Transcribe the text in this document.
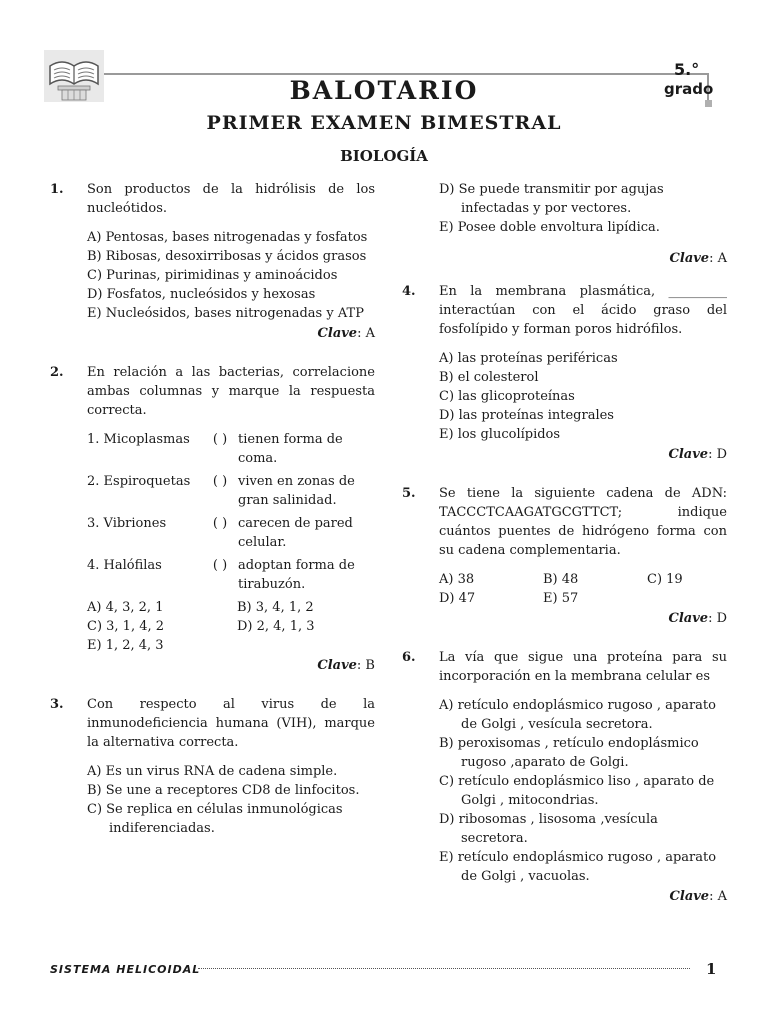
5.°
grado
BALOTARIO
PRIMER EXAMEN BIMESTRAL
BIOLOGÍA
1. Son productos de la hidrólisis de los nucleótidos.

A) Pentosas, bases nitrogenadas y fosfatos

B) Ribosas, desoxirribosas y ácidos grasos

C) Purinas, pirimidinas y aminoácidos

D) Fosfatos, nucleósidos y hexosas

E) Nucleósidos, bases nitrogenadas y ATP

Clave: A
2. En relación a las bacterias, correlacione ambas columnas y marque la respuesta correcta.

1. Micoplasmas	( ) tienen forma de coma.
2. Espiroquetas	( ) viven en zonas de gran salinidad.
3. Vibriones	( ) carecen de pared celular.
4. Halófilas	( ) adoptan forma de tirabuzón.
A) 4, 3, 2, 1	B) 3, 4, 1, 2
C) 3, 1, 4, 2	D) 2, 4, 1, 3
E) 1, 2, 4, 3
Clave: B
3. Con respecto al virus de la inmunodeficiencia humana (VIH), marque la alternativa correcta.

A) Es un virus RNA de cadena simple.

B) Se une a receptores CD8 de linfocitos.

C) Se replica en células inmunológicas indiferenciadas.

D) Se puede transmitir por agujas infectadas y por vectores.

E) Posee doble envoltura lipídica.

Clave: A
4. En la membrana plasmática, _________ interactúan con el ácido graso del fosfolípido y forman poros hidrófilos.

A) las proteínas periféricas

B) el colesterol

C) las glicoproteínas

D) las proteínas integrales

E) los glucolípidos

Clave: D
5. Se tiene la siguiente cadena de ADN: TACCCTCAAGATGCGTTCT; indique cuántos puentes de hidrógeno forma con su cadena complementaria.

A) 38	B) 48	C) 19
D) 47	E) 57
Clave: D
6. La vía que sigue una proteína para su incorporación en la membrana celular es

A) retículo endoplásmico rugoso , aparato de Golgi , vesícula secretora.

B) peroxisomas , retículo endoplásmico rugoso ,aparato de Golgi.

C) retículo endoplásmico liso , aparato de Golgi , mitocondrias.

D) ribosomas , lisosoma ,vesícula secretora.

E) retículo endoplásmico rugoso , aparato de Golgi , vacuolas.

Clave: A
SISTEMA HELICOIDAL	1
